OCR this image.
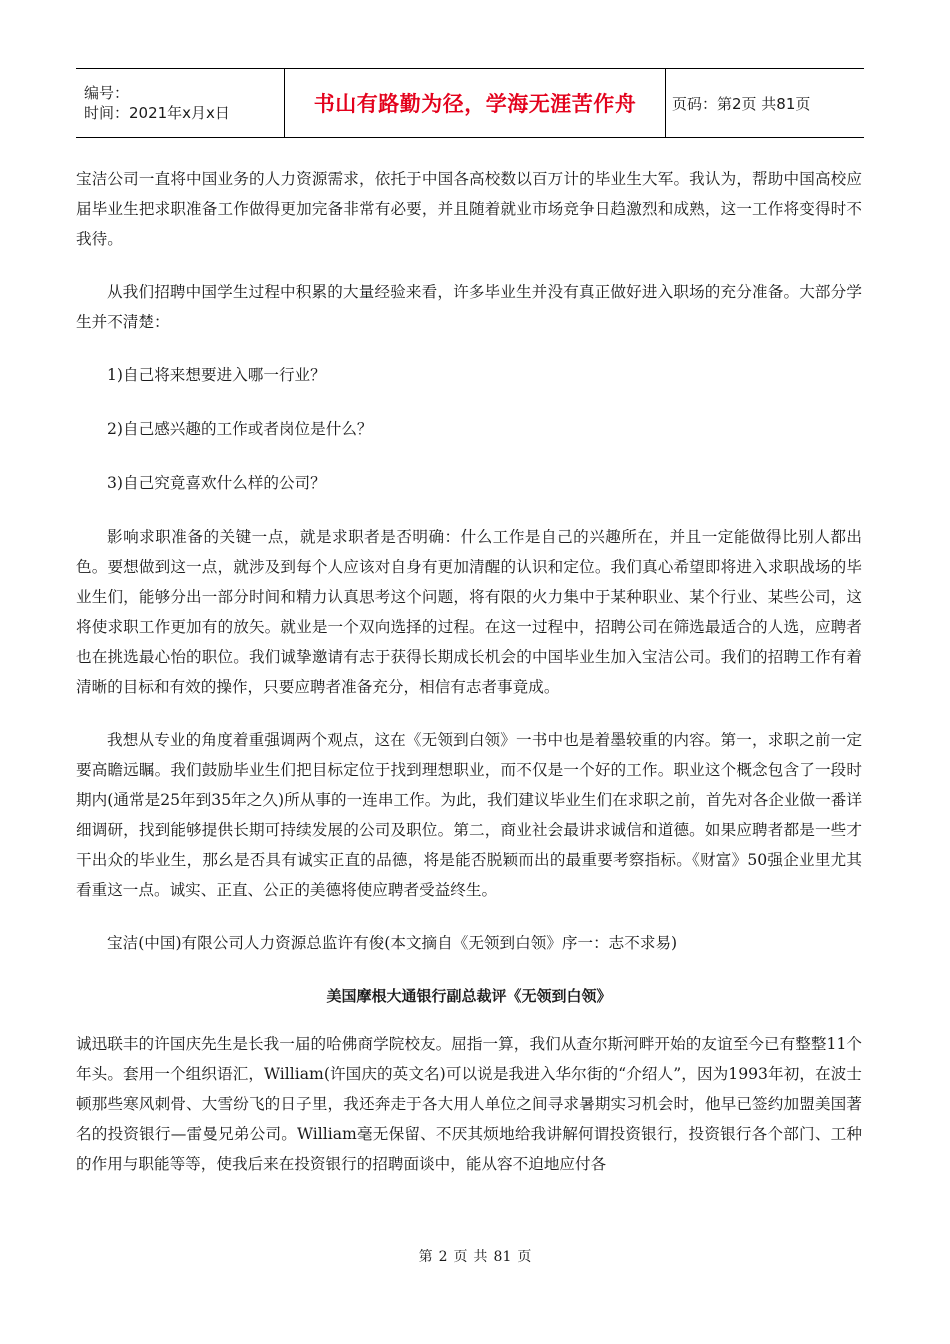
编号：
时间：2021年x月x日	书山有路勤为径，学海无涯苦作舟 页码：第2页 共81页

宝洁公司一直将中国业务的人力资源需求，依托于中国各高校数以百万计的毕业生大军。我认为，帮助中国高校应届毕业生把求职准备工作做得更加完备非常有必要，并且随着就业市场竞争日趋激烈和成熟，这一工作将变得时不我待。

从我们招聘中国学生过程中积累的大量经验来看，许多毕业生并没有真正做好进入职场的充分准备。大部分学生并不清楚：

1)自己将来想要进入哪一行业？

2)自己感兴趣的工作或者岗位是什么？

3)自己究竟喜欢什么样的公司？

影响求职准备的关键一点，就是求职者是否明确：什么工作是自己的兴趣所在，并且一定能做得比别人都出色。要想做到这一点，就涉及到每个人应该对自身有更加清醒的认识和定位。我们真心希望即将进入求职战场的毕业生们，能够分出一部分时间和精力认真思考这个问题，将有限的火力集中于某种职业、某个行业、某些公司，这将使求职工作更加有的放矢。就业是一个双向选择的过程。在这一过程中，招聘公司在筛选最适合的人选，应聘者也在挑选最心怡的职位。我们诚挚邀请有志于获得长期成长机会的中国毕业生加入宝洁公司。我们的招聘工作有着清晰的目标和有效的操作，只要应聘者准备充分，相信有志者事竟成。

我想从专业的角度着重强调两个观点，这在《无领到白领》一书中也是着墨较重的内容。第一，求职之前一定要高瞻远瞩。我们鼓励毕业生们把目标定位于找到理想职业，而不仅是一个好的工作。职业这个概念包含了一段时期内(通常是25年到35年之久)所从事的一连串工作。为此，我们建议毕业生们在求职之前，首先对各企业做一番详细调研，找到能够提供长期可持续发展的公司及职位。第二，商业社会最讲求诚信和道德。如果应聘者都是一些才干出众的毕业生，那幺是否具有诚实正直的品德，将是能否脱颖而出的最重要考察指标。《财富》50强企业里尤其看重这一点。诚实、正直、公正的美德将使应聘者受益终生。

宝洁(中国)有限公司人力资源总监许有俊(本文摘自《无领到白领》序一：志不求易)

美国摩根大通银行副总裁评《无领到白领》

诚迅联丰的许国庆先生是长我一届的哈佛商学院校友。屈指一算，我们从查尔斯河畔开始的友谊至今已有整整11个年头。套用一个组织语汇，William(许国庆的英文名)可以说是我进入华尔街的“介绍人”，因为1993年初，在波士顿那些寒风刺骨、大雪纷飞的日子里，我还奔走于各大用人单位之间寻求暑期实习机会时，他早已签约加盟美国著名的投资银行—雷曼兄弟公司。William毫无保留、不厌其烦地给我讲解何谓投资银行，投资银行各个部门、工种的作用与职能等等，使我后来在投资银行的招聘面谈中，能从容不迫地应付各

第 2 页 共 81 页
